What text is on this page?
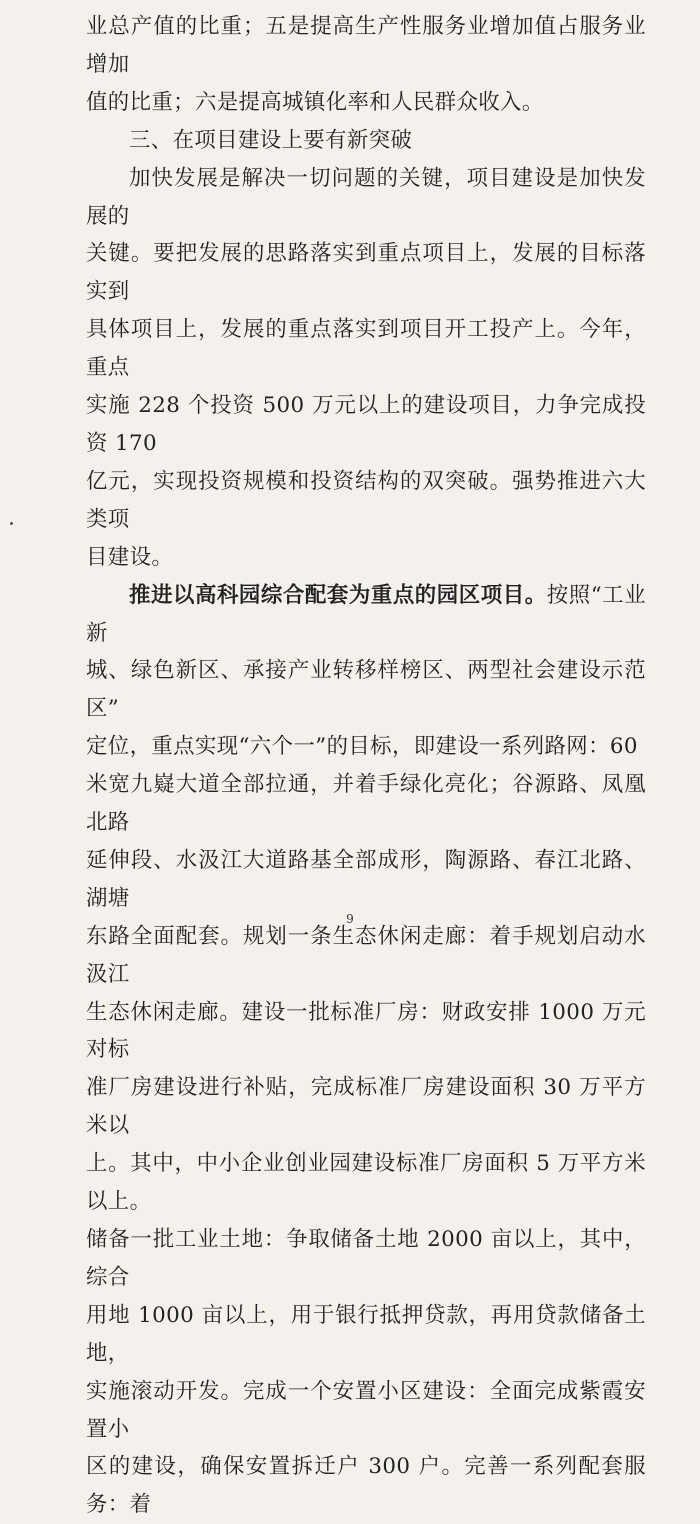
业总产值的比重；五是提高生产性服务业增加值占服务业增加
值的比重；六是提高城镇化率和人民群众收入。

三、在项目建设上要有新突破

加快发展是解决一切问题的关键，项目建设是加快发展的
关键。要把发展的思路落实到重点项目上，发展的目标落实到
具体项目上，发展的重点落实到项目开工投产上。今年，重点
实施 228 个投资 500 万元以上的建设项目，力争完成投资 170
亿元，实现投资规模和投资结构的双突破。强势推进六大类项
目建设。

推进以高科园综合配套为重点的园区项目。按照“工业新
城、绿色新区、承接产业转移样榜区、两型社会建设示范区”
定位，重点实现“六个一”的目标，即建设一系列路网：60
米宽九嶷大道全部拉通，并着手绿化亮化；谷源路、凤凰北路
延伸段、水汲江大道路基全部成形，陶源路、春江北路、湖塘
东路全面配套。规划一条生态休闲走廊：着手规划启动水汲江
生态休闲走廊。建设一批标准厂房：财政安排 1000 万元对标
准厂房建设进行补贴，完成标准厂房建设面积 30 万平方米以
上。其中，中小企业创业园建设标准厂房面积 5 万平方米以上。
储备一批工业土地：争取储备土地 2000 亩以上，其中，综合
用地 1000 亩以上，用于银行抵押贷款，再用贷款储备土地，
实施滚动开发。完成一个安置小区建设：全面完成紫霞安置小
区的建设，确保安置拆迁户 300 户。完善一系列配套服务：着

9
